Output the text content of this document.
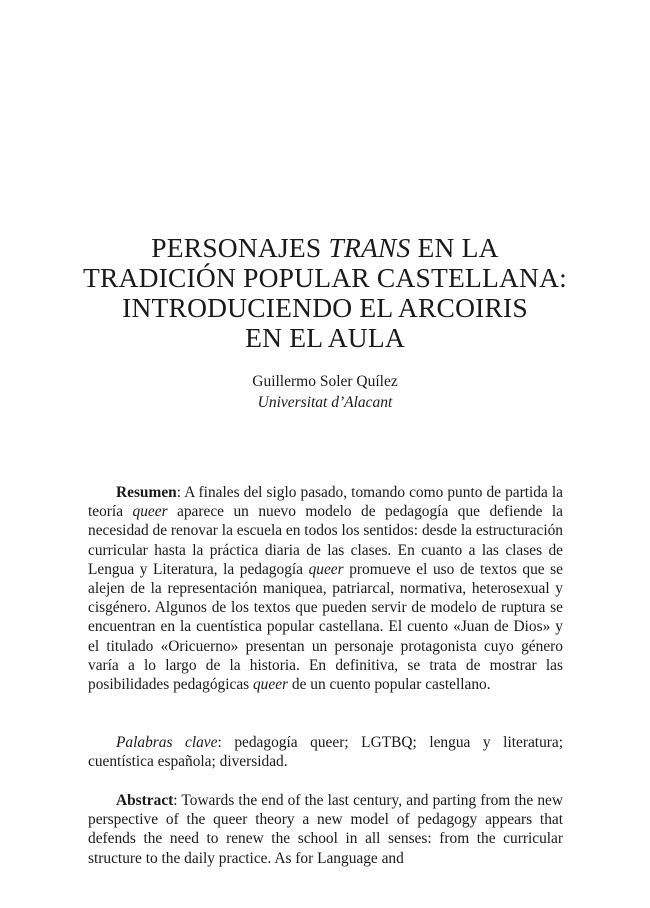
PERSONAJES TRANS EN LA
TRADICIÓN POPULAR CASTELLANA:
INTRODUCIENDO EL ARCOIRIS
EN EL AULA
Guillermo Soler Quílez
Universitat d’Alacant

Resumen: A finales del siglo pasado, tomando como punto de partida la teoría queer aparece un nuevo modelo de pedagogía que defiende la necesidad de renovar la escuela en todos los sentidos: desde la estructuración curricular hasta la práctica diaria de las clases. En cuanto a las clases de Lengua y Literatura, la pedagogía queer promueve el uso de textos que se alejen de la representación maniquea, patriarcal, normativa, heterosexual y cisgénero. Algunos de los textos que pueden servir de modelo de ruptura se encuentran en la cuentística popular castellana. El cuento «Juan de Dios» y el titulado «Oricuerno» presentan un personaje protagonista cuyo género varía a lo largo de la historia. En definitiva, se trata de mostrar las posibilidades pedagógicas queer de un cuento popular castellano.

Palabras clave: pedagogía queer; LGTBQ; lengua y literatura; cuentística española; diversidad.

Abstract: Towards the end of the last century, and parting from the new perspective of the queer theory a new model of pedagogy appears that defends the need to renew the school in all senses: from the curricular structure to the daily practice. As for Language and
